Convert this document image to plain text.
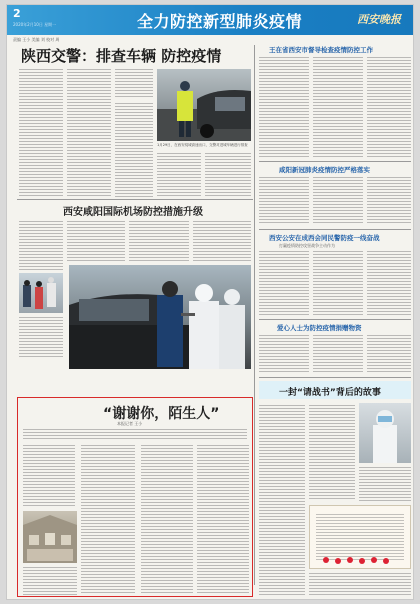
2
2020年2月10日 星期一	全力防控新型肺炎疫情	西安晚报
责编 王小 美编 刘 校对 周
陕西交警：排查车辆 防控疫情
1月29日，在西安绕城高速出口，交警对进城车辆进行排查
西安咸阳国际机场防控措施升级
“谢谢你，陌生人”
本报记者 王小
王在省西安市督导检查疫情防控工作
咸阳新冠肺炎疫情防控严格落实
西安公安在成西会同民警防疫一线奋战
打赢疫情防控攻坚战争主动作为
爱心人士为防控疫情捐赠物资
一封“请战书”背后的故事
